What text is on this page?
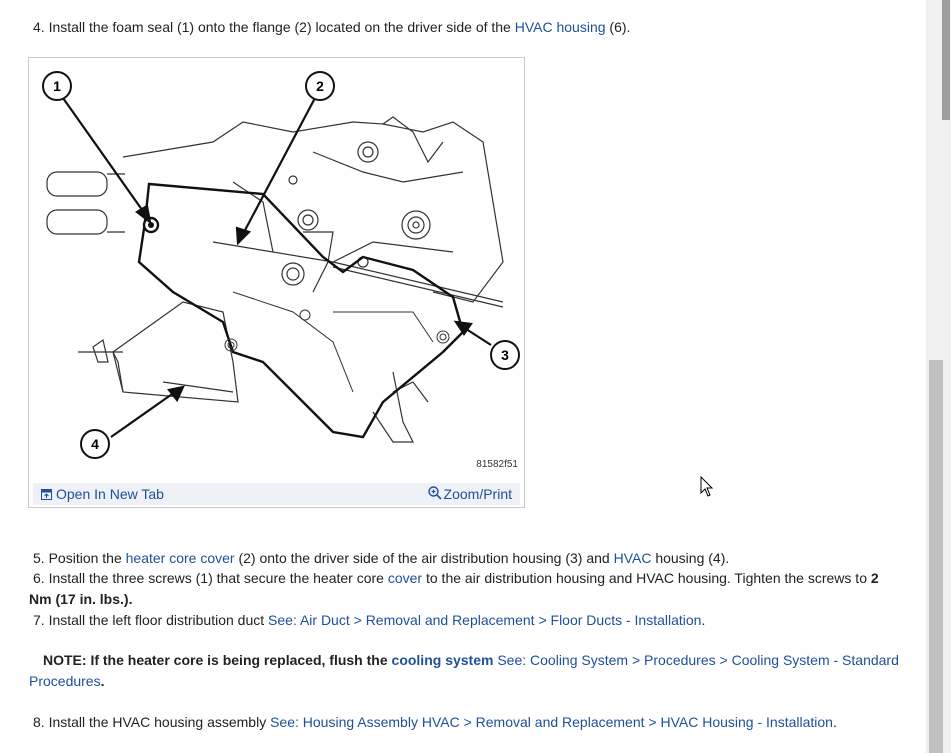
4. Install the foam seal (1) onto the flange (2) located on the driver side of the HVAC housing (6).
1	2
3
4
81582f51
Open In New Tab	Zoom/Print
5. Position the heater core cover (2) onto the driver side of the air distribution housing (3) and HVAC housing (4).
6. Install the three screws (1) that secure the heater core cover to the air distribution housing and HVAC housing. Tighten the screws to 2
Nm (17 in. lbs.).
7. Install the left floor distribution duct See: Air Duct > Removal and Replacement > Floor Ducts - Installation.
NOTE: If the heater core is being replaced, flush the cooling system See: Cooling System > Procedures > Cooling System - Standard
Procedures.
8. Install the HVAC housing assembly See: Housing Assembly HVAC > Removal and Replacement > HVAC Housing - Installation.
